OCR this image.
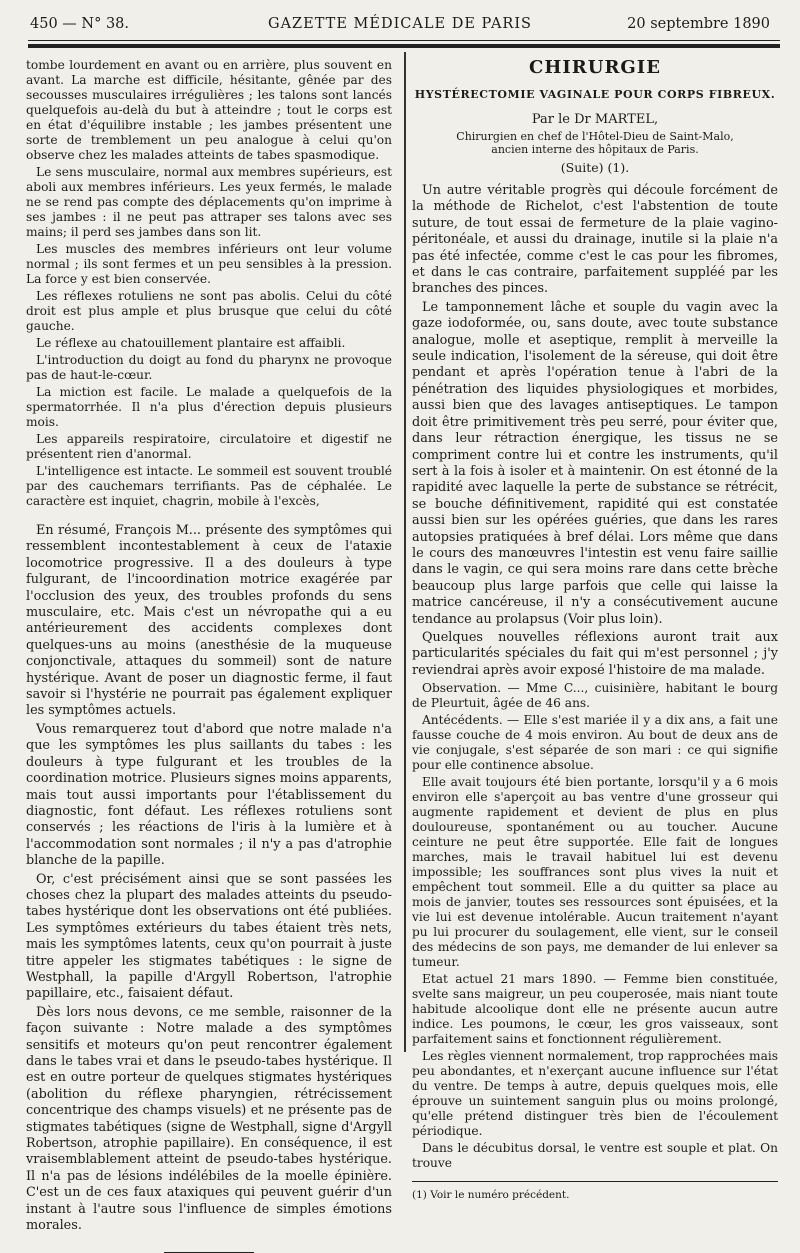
450 — N° 38.	GAZETTE MÉDICALE DE PARIS	20 septembre 1890

tombe lourdement en avant ou en arrière, plus souvent en avant. La marche est difficile, hésitante, gênée par des secousses musculaires irrégulières ; les talons sont lancés quelquefois au-delà du but à atteindre ; tout le corps est en état d'équilibre instable ; les jambes présentent une sorte de tremblement un peu analogue à celui qu'on observe chez les malades atteints de tabes spasmodique.

Le sens musculaire, normal aux membres supérieurs, est aboli aux membres inférieurs. Les yeux fermés, le malade ne se rend pas compte des déplacements qu'on imprime à ses jambes : il ne peut pas attraper ses talons avec ses mains; il perd ses jambes dans son lit.

Les muscles des membres inférieurs ont leur volume normal ; ils sont fermes et un peu sensibles à la pression. La force y est bien conservée.

Les réflexes rotuliens ne sont pas abolis. Celui du côté droit est plus ample et plus brusque que celui du côté gauche.

Le réflexe au chatouillement plantaire est affaibli.

L'introduction du doigt au fond du pharynx ne provoque pas de haut-le-cœur.

La miction est facile. Le malade a quelquefois de la spermatorrhée. Il n'a plus d'érection depuis plusieurs mois.

Les appareils respiratoire, circulatoire et digestif ne présentent rien d'anormal.

L'intelligence est intacte. Le sommeil est souvent troublé par des cauchemars terrifiants. Pas de céphalée. Le caractère est inquiet, chagrin, mobile à l'excès,

En résumé, François M... présente des symptômes qui ressemblent incontestablement à ceux de l'ataxie locomotrice progressive. Il a des douleurs à type fulgurant, de l'incoordination motrice exagérée par l'occlusion des yeux, des troubles profonds du sens musculaire, etc. Mais c'est un névropathe qui a eu antérieurement des accidents complexes dont quelques-uns au moins (anesthésie de la muqueuse conjonctivale, attaques du sommeil) sont de nature hystérique. Avant de poser un diagnostic ferme, il faut savoir si l'hystérie ne pourrait pas également expliquer les symptômes actuels.

Vous remarquerez tout d'abord que notre malade n'a que les symptômes les plus saillants du tabes : les douleurs à type fulgurant et les troubles de la coordination motrice. Plusieurs signes moins apparents, mais tout aussi importants pour l'établissement du diagnostic, font défaut. Les réflexes rotuliens sont conservés ; les réactions de l'iris à la lumière et à l'accommodation sont normales ; il n'y a pas d'atrophie blanche de la papille.

Or, c'est précisément ainsi que se sont passées les choses chez la plupart des malades atteints du pseudo-tabes hystérique dont les observations ont été publiées. Les symptômes extérieurs du tabes étaient très nets, mais les symptômes latents, ceux qu'on pourrait à juste titre appeler les stigmates tabétiques : le signe de Westphall, la papille d'Argyll Robertson, l'atrophie papillaire, etc., faisaient défaut.

Dès lors nous devons, ce me semble, raisonner de la façon suivante : Notre malade a des symptômes sensitifs et moteurs qu'on peut rencontrer également dans le tabes vrai et dans le pseudo-tabes hystérique. Il est en outre porteur de quelques stigmates hystériques (abolition du réflexe pharyngien, rétrécissement concentrique des champs visuels) et ne présente pas de stigmates tabétiques (signe de Westphall, signe d'Argyll Robertson, atrophie papillaire). En conséquence, il est vraisemblablement atteint de pseudo-tabes hystérique. Il n'a pas de lésions indélébiles de la moelle épinière. C'est un de ces faux ataxiques qui peuvent guérir d'un instant à l'autre sous l'influence de simples émotions morales.

CHIRURGIE
HYSTÉRECTOMIE VAGINALE POUR CORPS FIBREUX.
Par le Dr MARTEL,
Chirurgien en chef de l'Hôtel-Dieu de Saint-Malo,
ancien interne des hôpitaux de Paris.
(Suite) (1).

Un autre véritable progrès qui découle forcément de la méthode de Richelot, c'est l'abstention de toute suture, de tout essai de fermeture de la plaie vagino-péritonéale, et aussi du drainage, inutile si la plaie n'a pas été infectée, comme c'est le cas pour les fibromes, et dans le cas contraire, parfaitement suppléé par les branches des pinces.

Le tamponnement lâche et souple du vagin avec la gaze iodoformée, ou, sans doute, avec toute substance analogue, molle et aseptique, remplit à merveille la seule indication, l'isolement de la séreuse, qui doit être pendant et après l'opération tenue à l'abri de la pénétration des liquides physiologiques et morbides, aussi bien que des lavages antiseptiques. Le tampon doit être primitivement très peu serré, pour éviter que, dans leur rétraction énergique, les tissus ne se compriment contre lui et contre les instruments, qu'il sert à la fois à isoler et à maintenir. On est étonné de la rapidité avec laquelle la perte de substance se rétrécit, se bouche définitivement, rapidité qui est constatée aussi bien sur les opérées guéries, que dans les rares autopsies pratiquées à bref délai. Lors même que dans le cours des manœuvres l'intestin est venu faire saillie dans le vagin, ce qui sera moins rare dans cette brèche beaucoup plus large parfois que celle qui laisse la matrice cancéreuse, il n'y a consécutivement aucune tendance au prolapsus (Voir plus loin).

Quelques nouvelles réflexions auront trait aux particularités spéciales du fait qui m'est personnel ; j'y reviendrai après avoir exposé l'histoire de ma malade.

Observation. — Mme C..., cuisinière, habitant le bourg de Pleurtuit, âgée de 46 ans.

Antécédents. — Elle s'est mariée il y a dix ans, a fait une fausse couche de 4 mois environ. Au bout de deux ans de vie conjugale, s'est séparée de son mari : ce qui signifie pour elle continence absolue.

Elle avait toujours été bien portante, lorsqu'il y a 6 mois environ elle s'aperçoit au bas ventre d'une grosseur qui augmente rapidement et devient de plus en plus douloureuse, spontanément ou au toucher. Aucune ceinture ne peut être supportée. Elle fait de longues marches, mais le travail habituel lui est devenu impossible; les souffrances sont plus vives la nuit et empêchent tout sommeil. Elle a du quitter sa place au mois de janvier, toutes ses ressources sont épuisées, et la vie lui est devenue intolérable. Aucun traitement n'ayant pu lui procurer du soulagement, elle vient, sur le conseil des médecins de son pays, me demander de lui enlever sa tumeur.

Etat actuel 21 mars 1890. — Femme bien constituée, svelte sans maigreur, un peu couperosée, mais niant toute habitude alcoolique dont elle ne présente aucun autre indice. Les poumons, le cœur, les gros vaisseaux, sont parfaitement sains et fonctionnent régulièrement.

Les règles viennent normalement, trop rapprochées mais peu abondantes, et n'exerçant aucune influence sur l'état du ventre. De temps à autre, depuis quelques mois, elle éprouve un suintement sanguin plus ou moins prolongé, qu'elle prétend distinguer très bien de l'écoulement périodique.

Dans le décubitus dorsal, le ventre est souple et plat. On trouve

(1) Voir le numéro précédent.
